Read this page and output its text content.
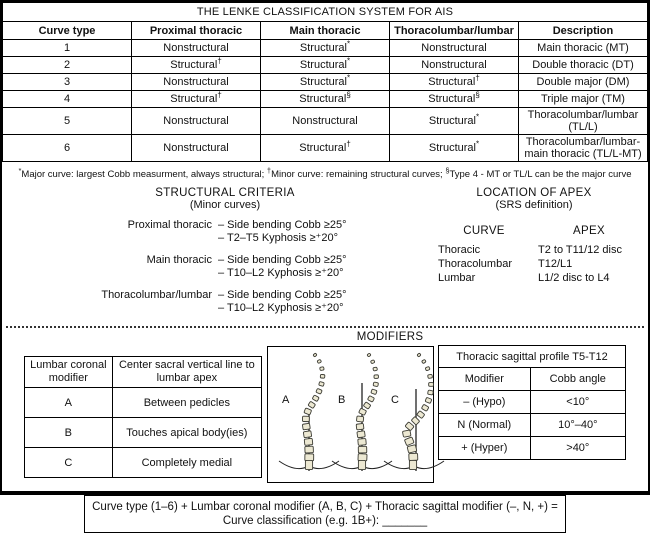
THE LENKE CLASSIFICATION SYSTEM FOR AIS				
Curve type	Proximal thoracic	Main thoracic	Thoracolumbar/lumbar	Description
1	Nonstructural	Structural*	Nonstructural	Main thoracic (MT)
2	Structural†	Structural*	Nonstructural	Double thoracic (DT)
3	Nonstructural	Structural*	Structural†	Double major (DM)
4	Structural†	Structural§	Structural§	Triple major (TM)
5	Nonstructural	Nonstructural	Structural*	Thoracolumbar/lumbar (TL/L)
6	Nonstructural	Structural†	Structural*	Thoracolumbar/lumbar-main thoracic (TL/L-MT)
*Major curve: largest Cobb measurment, always structural; †Minor curve: remaining structural curves; §Type 4 - MT or TL/L can be the major curve
STRUCTURAL CRITERIA
(Minor curves)
Proximal thoracic – Side bending Cobb ≥25°
– T2–T5 Kyphosis ≥⁺20°
Main thoracic – Side bending Cobb ≥25°
– T10–L2 Kyphosis ≥⁺20°
Thoracolumbar/lumbar – Side bending Cobb ≥25°
– T10–L2 Kyphosis ≥⁺20°
LOCATION OF APEX
(SRS definition)
CURVE	APEX
Thoracic	T2 to T11/12 disc
Thoracolumbar	T12/L1
Lumbar	L1/2 disc to L4
MODIFIERS
Lumbar coronal modifier	Center sacral vertical line to lumbar apex
A	Between pedicles
B	Touches apical body(ies)
C	Completely medial
A	B	C
Thoracic sagittal profile T5-T12	
Modifier	Cobb angle
– (Hypo)	<10°
N (Normal)	10°–40°
+ (Hyper)	>40°
Curve type (1–6) + Lumbar coronal modifier (A, B, C) + Thoracic sagittal modifier (–, N, +) =
Curve classification (e.g. 1B+): _______
